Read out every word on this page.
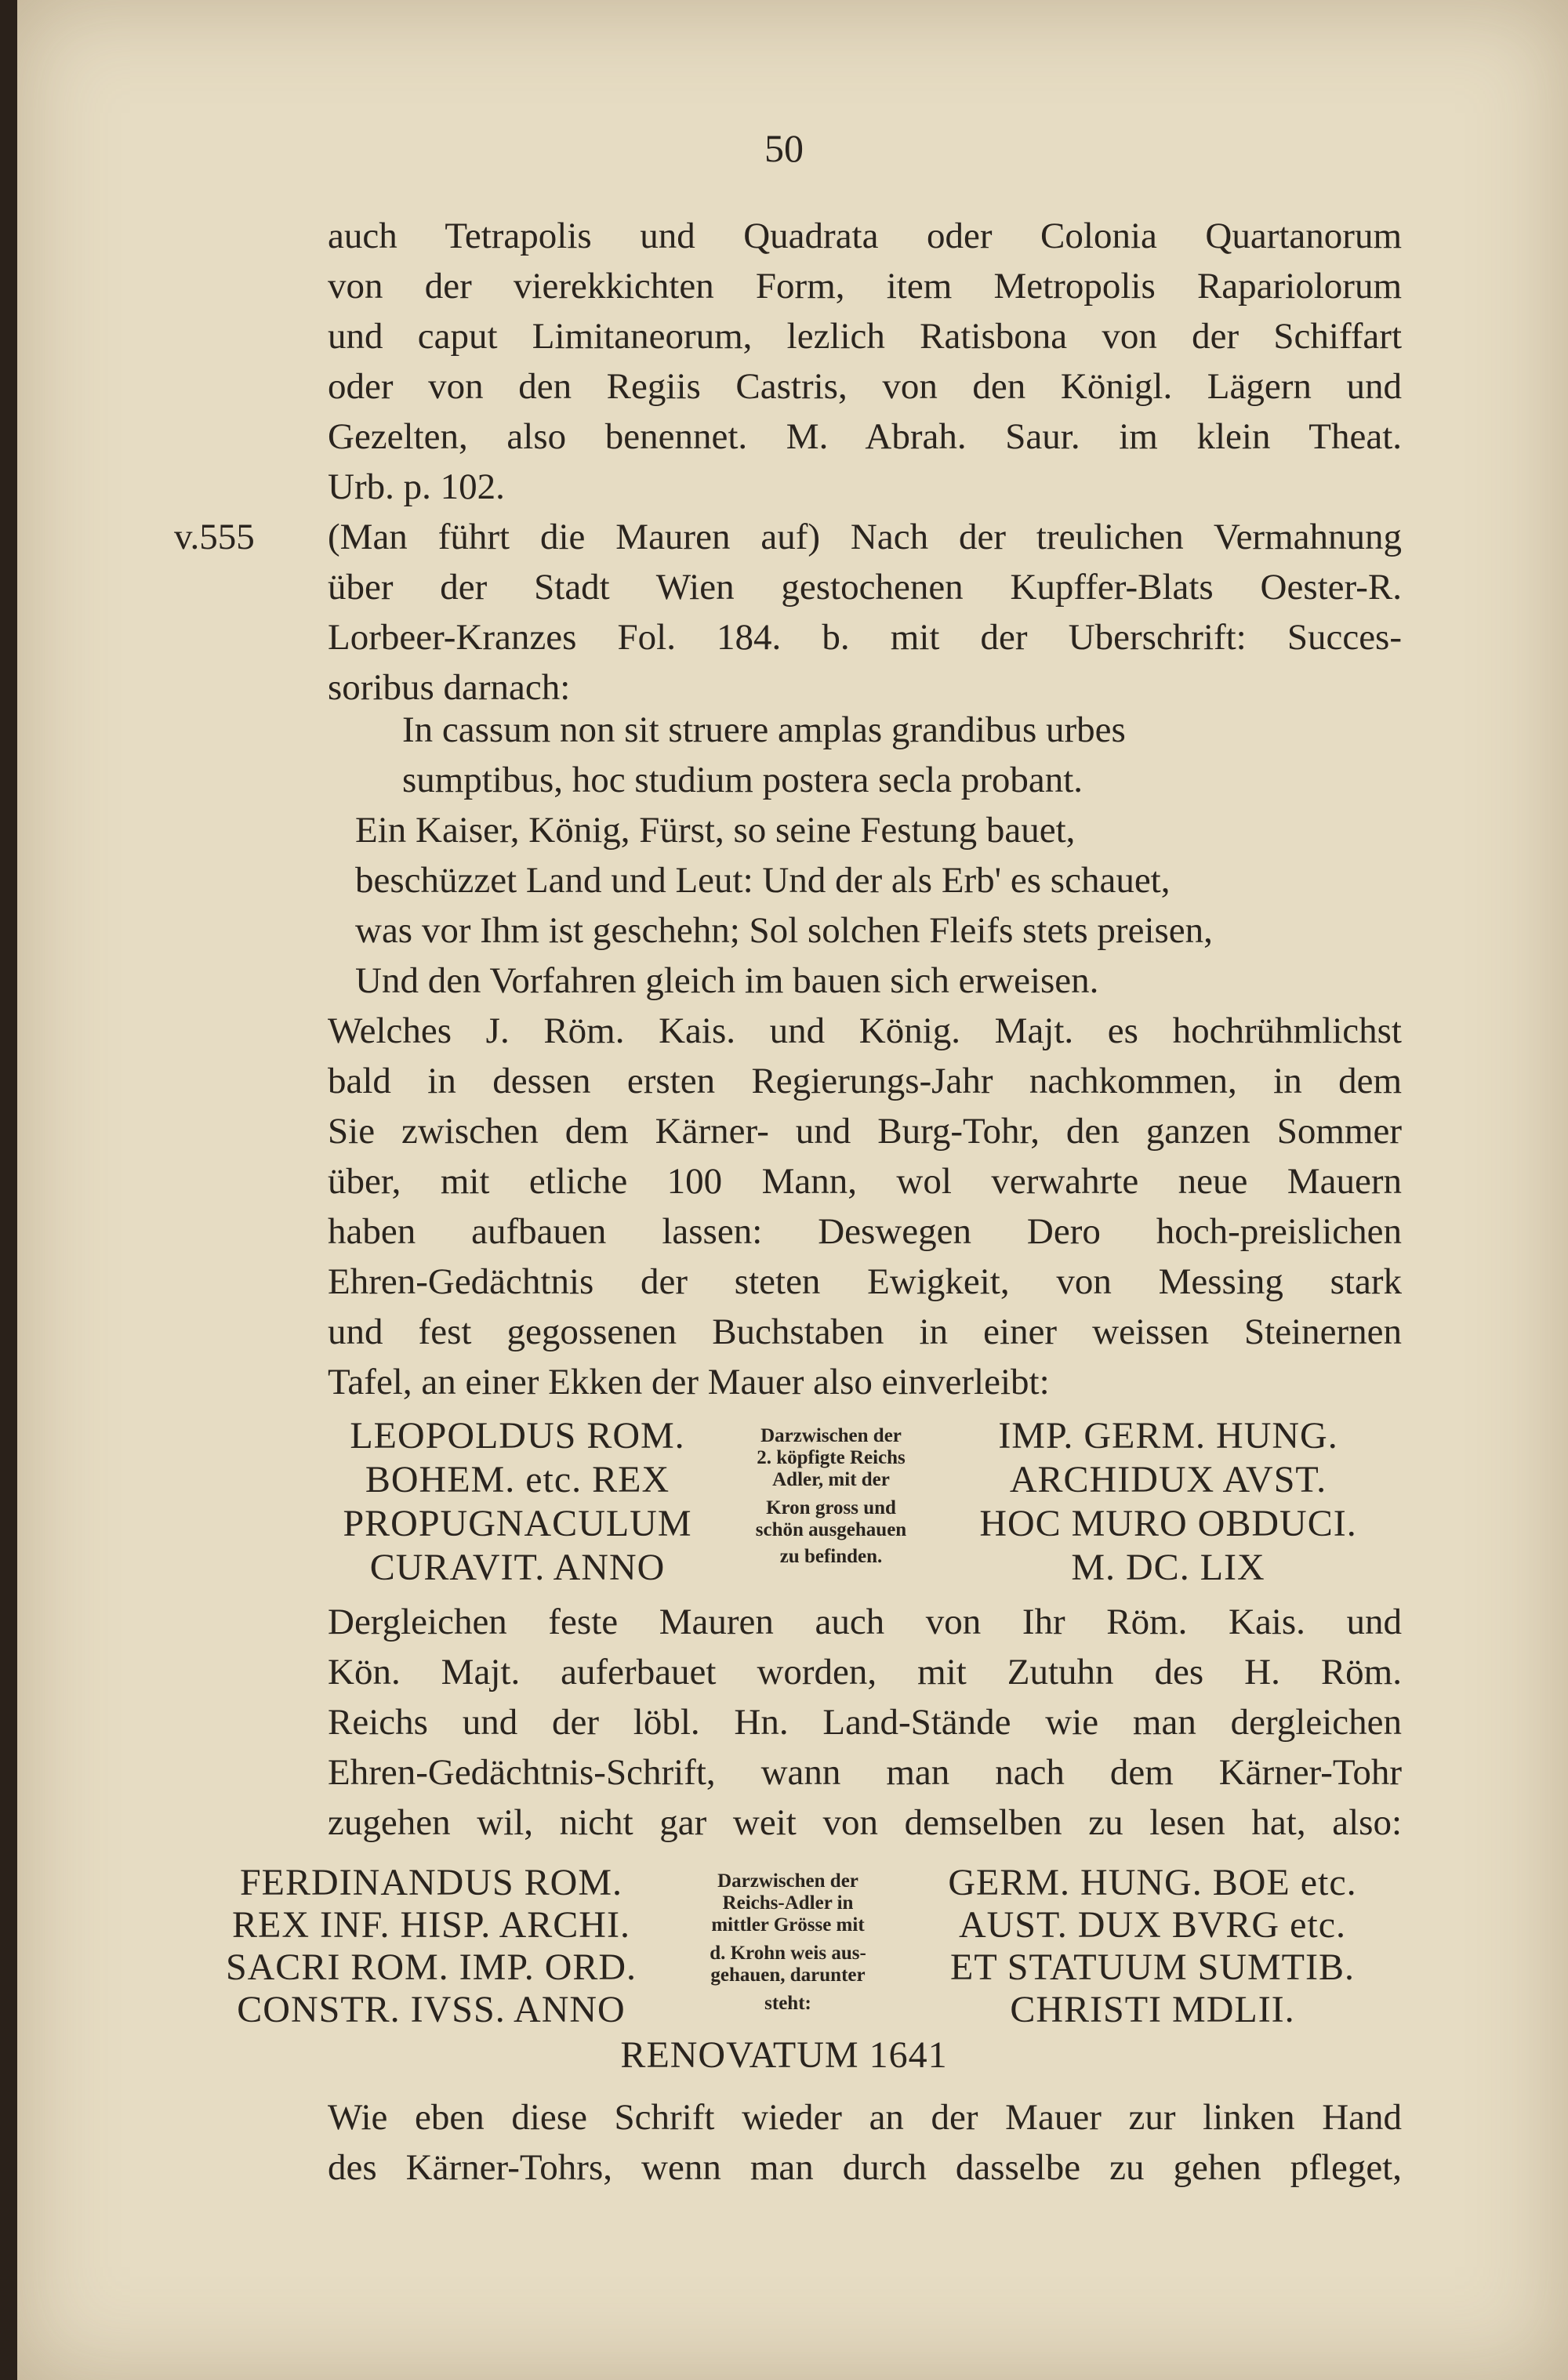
50
v.555
auch Tetrapolis und Quadrata oder Colonia Quartanorum
von der vierekkichten Form, item Metropolis Rapariolorum
und caput Limitaneorum, lezlich Ratisbona von der Schiffart
oder von den Regiis Castris, von den Königl. Lägern und
Gezelten, also benennet. M. Abrah. Saur. im klein Theat.
Urb. p. 102.
(Man führt die Mauren auf) Nach der treulichen Vermahnung
über der Stadt Wien gestochenen Kupffer-Blats Oester-R.
Lorbeer-Kranzes Fol. 184. b. mit der Uberschrift: Succes-
soribus darnach:
In cassum non sit struere amplas grandibus urbes
sumptibus, hoc studium postera secla probant.
Ein Kaiser, König, Fürst, so seine Festung bauet,
beschüzzet Land und Leut: Und der als Erb' es schauet,
was vor Ihm ist geschehn; Sol solchen Fleifs stets preisen,
Und den Vorfahren gleich im bauen sich erweisen.
Welches J. Röm. Kais. und König. Majt. es hochrühmlichst
bald in dessen ersten Regierungs-Jahr nachkommen, in dem
Sie zwischen dem Kärner- und Burg-Tohr, den ganzen Sommer
über, mit etliche 100 Mann, wol verwahrte neue Mauern
haben aufbauen lassen: Deswegen Dero hoch-preislichen
Ehren-Gedächtnis der steten Ewigkeit, von Messing stark
und fest gegossenen Buchstaben in einer weissen Steinernen
Tafel, an einer Ekken der Mauer also einverleibt:
Dergleichen feste Mauren auch von Ihr Röm. Kais. und
Kön. Majt. auferbauet worden, mit Zutuhn des H. Röm.
Reichs und der löbl. Hn. Land-Stände wie man dergleichen
Ehren-Gedächtnis-Schrift, wann man nach dem Kärner-Tohr
zugehen wil, nicht gar weit von demselben zu lesen hat, also:
Wie eben diese Schrift wieder an der Mauer zur linken Hand
des Kärner-Tohrs, wenn man durch dasselbe zu gehen pfleget,
LEOPOLDUS ROM.
BOHEM. etc. REX
PROPUGNACULUM
CURAVIT. ANNO
Darzwischen der
2. köpfigte Reichs
Adler, mit der
Kron gross und
schön ausgehauen
zu befinden.
IMP. GERM. HUNG.
ARCHIDUX AVST.
HOC MURO OBDUCI.
M. DC. LIX
FERDINANDUS ROM.
REX INF. HISP. ARCHI.
SACRI ROM. IMP. ORD.
CONSTR. IVSS. ANNO
Darzwischen der
Reichs-Adler in
mittler Grösse mit
d. Krohn weis aus-
gehauen, darunter
steht:
GERM. HUNG. BOE etc.
AUST. DUX BVRG etc.
ET STATUUM SUMTIB.
CHRISTI MDLII.
RENOVATUM 1641
